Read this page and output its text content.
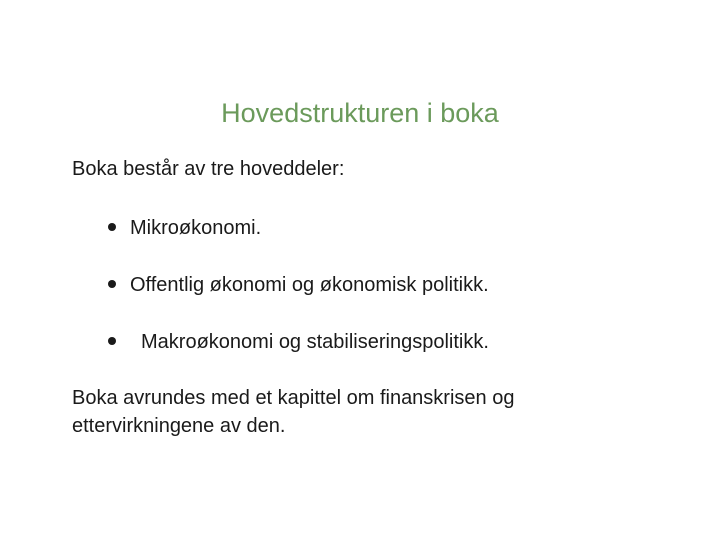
Hovedstrukturen i boka
Boka består av tre hoveddeler:
Mikroøkonomi.
Offentlig økonomi og økonomisk politikk.
Makroøkonomi og stabiliseringspolitikk.
Boka avrundes med et kapittel om finanskrisen og
ettervirkningene av den.
